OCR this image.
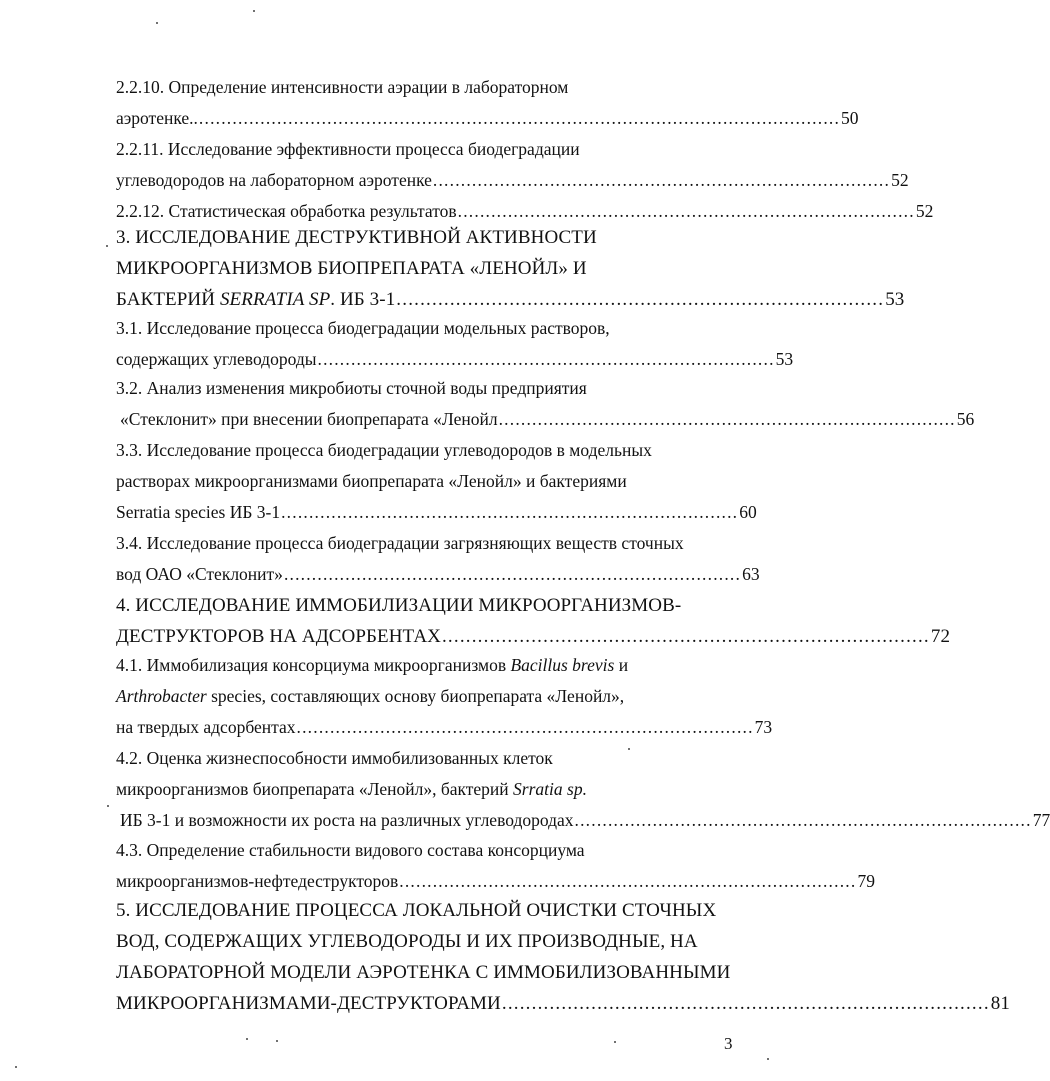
2.2.10. Определение интенсивности аэрации в лабораторном
аэротенке.. ................................................................................................................... 50
2.2.11. Исследование эффективности процесса биодеградации
углеводородов на лабораторном аэротенке .................................................................................. 52
2.2.12. Статистическая обработка результатов .................................................................................. 52
3. ИССЛЕДОВАНИЕ ДЕСТРУКТИВНОЙ АКТИВНОСТИ
МИКРООРГАНИЗМОВ БИОПРЕПАРАТА «ЛЕНОЙЛ» И
БАКТЕРИЙ SERRATIA SP. ИБ 3-1 .................................................................................. 53
3.1. Исследование процесса биодеградации модельных растворов,
содержащих углеводороды .................................................................................. 53
3.2. Анализ изменения микробиоты сточной воды предприятия
«Стеклонит» при внесении биопрепарата «Ленойл .................................................................................. 56
3.3. Исследование процесса биодеградации углеводородов в модельных
растворах микроорганизмами биопрепарата «Ленойл» и бактериями
Serratia species ИБ 3-1 .................................................................................. 60
3.4. Исследование процесса биодеградации загрязняющих веществ сточных
вод ОАО «Стеклонит» .................................................................................. 63
4. ИССЛЕДОВАНИЕ ИММОБИЛИЗАЦИИ МИКРООРГАНИЗМОВ-
ДЕСТРУКТОРОВ НА АДСОРБЕНТАХ .................................................................................. 72
4.1. Иммобилизация консорциума микроорганизмов Bacillus brevis и
Arthrobacter species, составляющих основу биопрепарата «Ленойл»,
на твердых адсорбентах .................................................................................. 73
4.2. Оценка жизнеспособности иммобилизованных клеток
микроорганизмов биопрепарата «Ленойл», бактерий Srratia sp.
ИБ 3-1 и возможности их роста на различных углеводородах .................................................................................. 77
4.3. Определение стабильности видового состава консорциума
микроорганизмов-нефтедеструкторов .................................................................................. 79
5. ИССЛЕДОВАНИЕ ПРОЦЕССА ЛОКАЛЬНОЙ ОЧИСТКИ СТОЧНЫХ
ВОД, СОДЕРЖАЩИХ УГЛЕВОДОРОДЫ И ИХ ПРОИЗВОДНЫЕ, НА
ЛАБОРАТОРНОЙ МОДЕЛИ АЭРОТЕНКА С ИММОБИЛИЗОВАННЫМИ
МИКРООРГАНИЗМАМИ-ДЕСТРУКТОРАМИ .................................................................................. 81
3
